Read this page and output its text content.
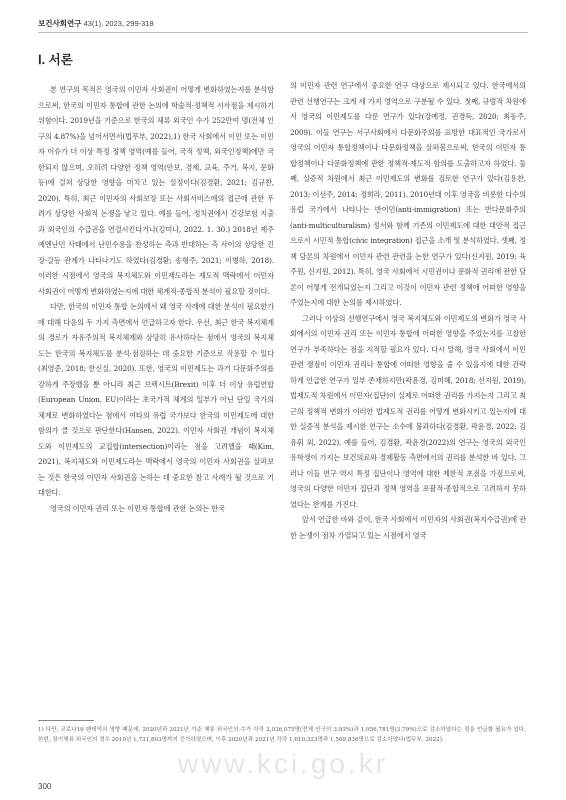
보건사회연구 43(1), 2023, 299-318
Ⅰ. 서론

본 연구의 목적은 영국의 이민자 사회권이 어떻게 변화하였는지를 분석함으로써, 한국의 이민자 통합에 관한 논의에 학술적·정책적 시사점을 제시하기 위함이다. 2019년을 기준으로 한국의 체류 외국인 수가 252만여 명(전체 인구의 4.87%)을 넘어서면서(법무부, 2022),1) 한국 사회에서 이민 또는 이민자 이슈가 더 이상 특정 정책 영역(예를 들어, 국적 정책, 외국인정책)에만 국한되지 않으며, 오히려 다양한 정책 영역(안보, 경제, 교육, 주거, 복지, 문화 등)에 걸쳐 상당한 영향을 미치고 있는 실정이다(김경환, 2021; 김규찬, 2020). 특히, 최근 이민자의 사회보장 또는 사회서비스에의 접근에 관한 우려가 상당한 사회적 논쟁을 낳고 있다. 예를 들어, 정치권에서 건강보험 지출과 외국인의 수급권을 연결시킨다거나(김미나, 2022. 1. 30.) 2018년 제주예멘난민 사태에서 난민수용을 찬성하는 측과 반대하는 측 사이의 상당한 긴장·갈등 관계가 나타나기도 하였다(김경환; 송형주, 2021; 이병하, 2018). 이러한 시점에서 영국의 복지체도와 이민제도라는 제도적 맥락에서 이민자 사회권이 어떻게 변화하였는지에 대한 체계적·종합적 분석이 필요할 것이다.

다만, 한국의 이민자 통합 논의에서 왜 영국 사례에 대한 분석이 필요한가에 대해 다음의 두 가지 측면에서 언급하고자 한다. 우선, 최근 한국 복지체계의 경로가 자유주의적 복지체제와 상당히 유사하다는 점에서 영국의 복지체도는 한국의 복지체도를 분석·점검하는 데 중요한 기준으로 작용할 수 있다(최영준, 2018; 한신실, 2020). 또한, 영국의 이민제도는 과거 다문화주의를 강하게 주장했을 뿐 아니라 최근 브렉시트(Brexit) 이후 더 이상 유럽연합(European Union, EU)이라는 초국가적 체계의 일부가 아닌 단일 국가의 체계로 변화하였다는 점에서 여타의 유럽 국가보다 한국의 이민제도에 대한 함의가 클 것으로 판단한다(Hansen, 2022). 이민자 사회권 개념이 복지체도와 이민제도의 교집합(intersection)이라는 점을 고려했을 때(Kim, 2021), 복지체도와 이민제도라는 맥락에서 영국의 이민자 사회권을 살펴보는 것은 한국의 이민자 사회권을 논하는 데 중요한 참고 사례가 될 것으로 기대한다.

영국의 이민자 권리 또는 이민자 통합에 관한 논의는 한국

의 이민자 관련 연구에서 중요한 연구 대상으로 제시되고 있다. 한국에서의 관련 선행연구는 크게 세 가지 영역으로 구분될 수 있다. 첫째, 규범적 차원에서 영국의 이민제도를 다룬 연구가 있다(강예정, 권경득, 2020; 최동주, 2009). 이들 연구는 서구사회에서 다문화주의를 표방한 대표적인 국가로서 영국의 이민자 통합정책이나 다문화정책을 살펴봄으로써, 한국의 이민자 통합정책이나 다문화정책에 관한 정책적·제도적 함의를 도출하고자 하였다. 둘째, 실증적 차원에서 최근 이민제도의 변화를 검토한 연구가 있다(김용찬, 2013; 이선주, 2014; 정희라, 2011). 2010년대 이후 영국을 비롯한 다수의 유럽 국가에서 나타나는 반이민(anti-immigration) 또는 반다문화주의(anti-multiculturalism) 정서와 함께 기존의 이민제도에 대한 대안적 접근으로서 시민적 통합(civic integration) 접근을 소개 및 분석하였다. 셋째, 정책 담론의 차원에서 이민자 관련 관련을 논한 연구가 있다(신지원, 2019; 육주원, 신지원, 2012). 특히, 영국 사회에서 시민권이나 문화적 권리에 관한 담론이 어떻게 전개되었는지 그리고 이것이 이민자 관련 정책에 어떠한 영향을 주었는지에 대한 논의를 제시하였다.

그러나 이상의 선행연구에서 영국 복지체도와 이민제도의 변화가 영국 사회에서의 이민자 권리 또는 이민자 통합에 어떠한 영향을 주었는지를 고찰한 연구가 부족하다는 점을 지적할 필요가 있다. 다시 말해, 영국 사회에서 이민 관련 쟁점이 이민자 권리나 통합에 어떠한 영향을 줄 수 있을지에 대한 간략하게 언급한 연구가 일부 존재하지만(곽윤경, 김미혜, 2018; 신지원, 2019), 법제도적 차원에서 이민자(집단)이 실제로 어떠한 권리를 가지는지 그리고 최근의 정책적 변화가 이러한 법제도적 권리를 어떻게 변화시키고 있는지에 대한 실증적 분석을 제시한 연구는 소수에 불과하다(김경환, 곽윤경, 2022; 김유휘 외, 2022). 예를 들어, 김경환, 곽윤경(2022)의 연구는 영국의 외국인 유학생이 가지는 보건의료와 경제활동 측면에서의 권리를 분석한 바 있다. 그러나 이들 연구 역시 특정 집단이나 영역에 대한 제한적 초점을 가짐으로써, 영국의 다양한 이민자 집단과 정책 영역을 포괄적·종합적으로 고려하지 못하였다는 한계를 가진다.

앞서 언급한 바와 같이, 한국 사회에서 이민자의 사회권(복지수급권)에 관한 논쟁이 점차 가열되고 있는 시점에서 영국

1) 다만, 코로나19 팬데믹의 영향 때문에, 2020년과 2021년 기준 체류 외국인의 수가 각각 2,036,075명(전체 인구의 3.93%)과 1,956,781명(3.79%)으로 감소하였다는 점을 언급할 필요가 있다. 한편, 장기체류 외국인의 경우 2019년 1,731,803명까지 증가하였으며, 이후 2020년과 2021년 각각 1,610,323명과 1,569,836명으로 감소하였다(법무부, 2022).
www.kci.go.kr
300
